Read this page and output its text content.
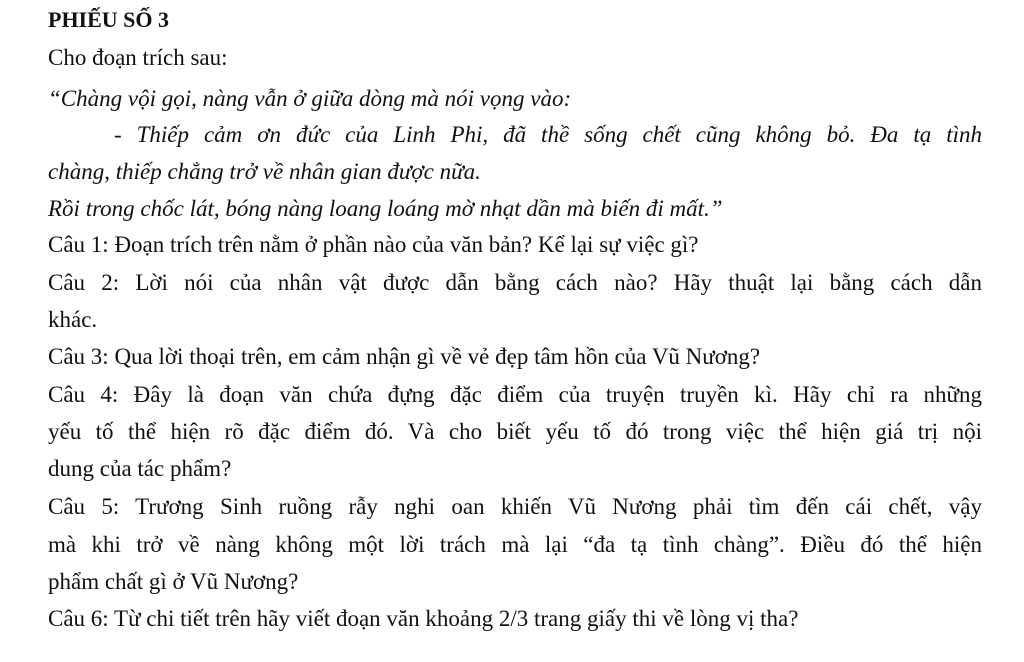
PHIẾU SỐ 3
Cho đoạn trích sau:
“Chàng vội gọi, nàng vẫn ở giữa dòng mà nói vọng vào:
- Thiếp cảm ơn đức của Linh Phi, đã thề sống chết cũng không bỏ. Đa tạ tình
chàng, thiếp chẳng trở về nhân gian được nữa.
Rồi trong chốc lát, bóng nàng loang loáng mờ nhạt dần mà biến đi mất.”
Câu 1: Đoạn trích trên nằm ở phần nào của văn bản? Kể lại sự việc gì?
Câu 2: Lời nói của nhân vật được dẫn bằng cách nào? Hãy thuật lại bằng cách dẫn
khác.
Câu 3: Qua lời thoại trên, em cảm nhận gì về vẻ đẹp tâm hồn của Vũ Nương?
Câu 4: Đây là đoạn văn chứa đựng đặc điểm của truyện truyền kì. Hãy chỉ ra những
yếu tố thể hiện rõ đặc điểm đó. Và cho biết yếu tố đó trong việc thể hiện giá trị nội
dung của tác phẩm?
Câu 5: Trương Sinh ruồng rẫy nghi oan khiến Vũ Nương phải tìm đến cái chết, vậy
mà khi trở về nàng không một lời trách mà lại “đa tạ tình chàng”. Điều đó thể hiện
phẩm chất gì ở Vũ Nương?
Câu 6: Từ chi tiết trên hãy viết đoạn văn khoảng 2/3 trang giấy thi về lòng vị tha?
